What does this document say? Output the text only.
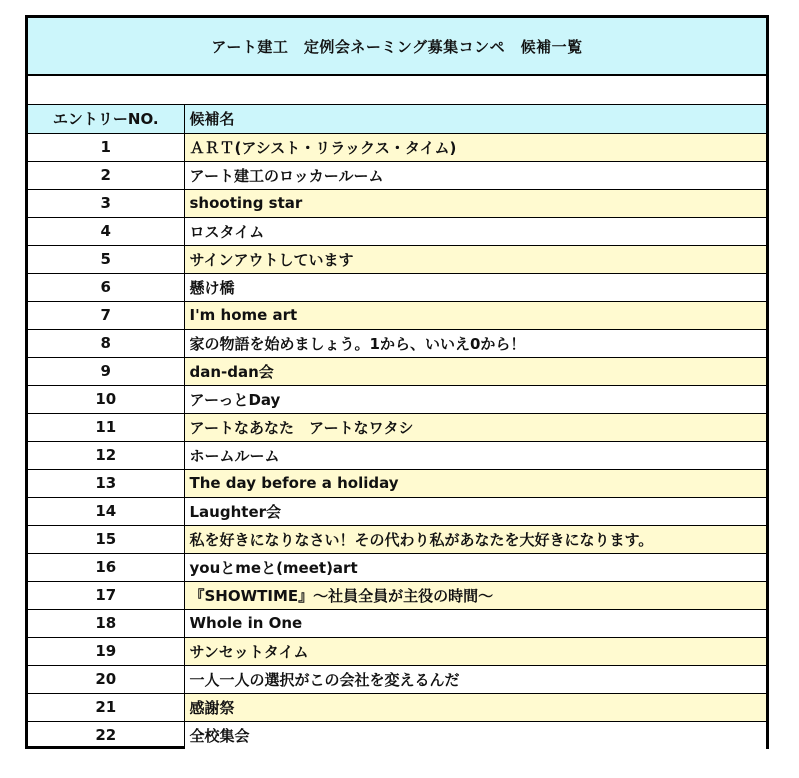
アート建工　定例会ネーミング募集コンペ　候補一覧
エントリーNO.	候補名
1	ＡＲＴ(アシスト・リラックス・タイム)
2	アート建工のロッカールーム
3	shooting star
4	ロスタイム
5	サインアウトしています
6	懸け橋
7	I'm home art
8	家の物語を始めましょう。1から、いいえ0から！
9	dan-dan会
10	アーっとDay
11	アートなあなた　アートなワタシ
12	ホームルーム
13	The day before a holiday
14	Laughter会
15	私を好きになりなさい！その代わり私があなたを大好きになります。
16	youとmeと(meet)art
17	『SHOWTIME』～社員全員が主役の時間～
18	Whole in One
19	サンセットタイム
20	一人一人の選択がこの会社を変えるんだ
21	感謝祭
22	全校集会
